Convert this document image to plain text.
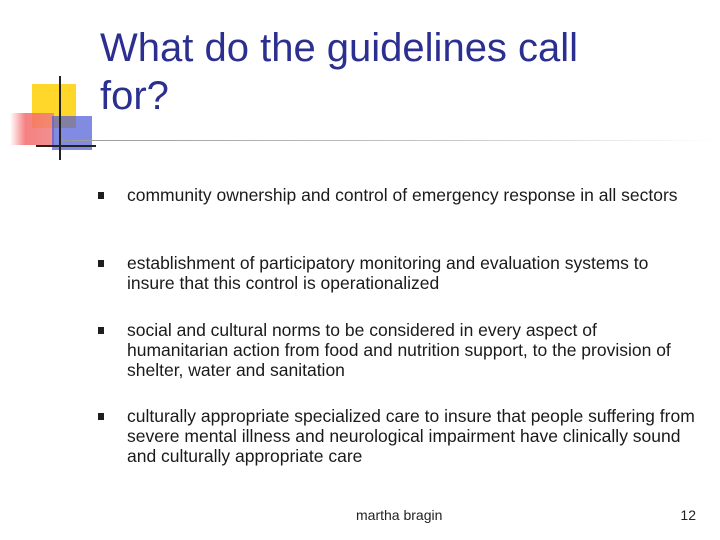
What do the guidelines call
for?
community ownership and control of emergency response in all sectors
establishment of participatory monitoring and evaluation systems to insure that this control is operationalized
social and cultural norms to be considered in every aspect of humanitarian action from food and nutrition support, to the provision of shelter, water and sanitation
culturally appropriate specialized care to insure that people suffering from severe mental illness and neurological impairment have clinically sound and culturally appropriate care
martha bragin	12
